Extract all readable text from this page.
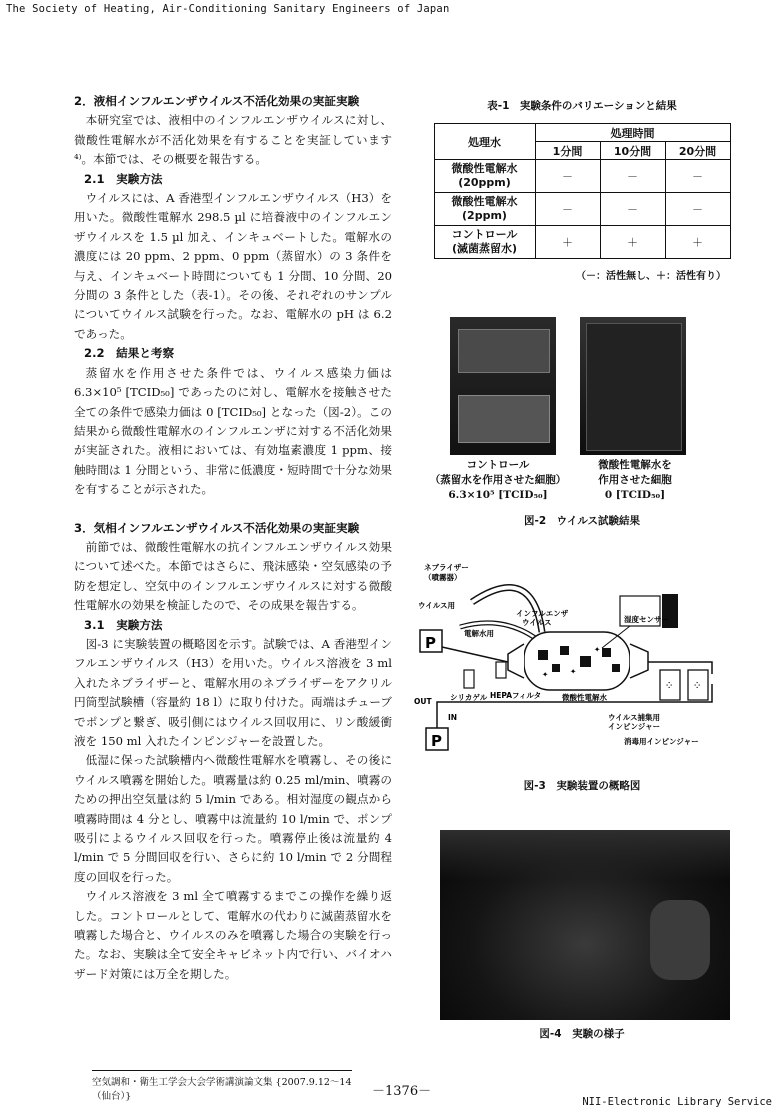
The Society of Heating, Air-Conditioning Sanitary Engineers of Japan
NII-Electronic Library Service
空気調和・衛生工学会大会学術講演論文集 {2007.9.12～14（仙台）}	－1376－
2．液相インフルエンザウイルス不活化効果の実証実験

本研究室では、液相中のインフルエンザウイルスに対し、微酸性電解水が不活化効果を有することを実証しています⁴⁾。本節では、その概要を報告する。

2.1　実験方法

ウイルスには、A 香港型インフルエンザウイルス（H3）を用いた。微酸性電解水 298.5 µl に培養液中のインフルエンザウイルスを 1.5 µl 加え、インキュベートした。電解水の濃度には 20 ppm、2 ppm、0 ppm（蒸留水）の 3 条件を与え、インキュベート時間についても 1 分間、10 分間、20 分間の 3 条件とした（表-1）。その後、それぞれのサンプルについてウイルス試験を行った。なお、電解水の pH は 6.2 であった。

2.2　結果と考察

蒸留水を作用させた条件では、ウイルス感染力価は 6.3×10⁵ [TCID₅₀] であったのに対し、電解水を接触させた全ての条件で感染力価は 0 [TCID₅₀] となった（図-2）。この結果から微酸性電解水のインフルエンザに対する不活化効果が実証された。液相においては、有効塩素濃度 1 ppm、接触時間は 1 分間という、非常に低濃度・短時間で十分な効果を有することが示された。

3．気相インフルエンザウイルス不活化効果の実証実験

前節では、微酸性電解水の抗インフルエンザウイルス効果について述べた。本節ではさらに、飛沫感染・空気感染の予防を想定し、空気中のインフルエンザウイルスに対する微酸性電解水の効果を検証したので、その成果を報告する。

3.1　実験方法

図-3 に実験装置の概略図を示す。試験では、A 香港型インフルエンザウイルス（H3）を用いた。ウイルス溶液を 3 ml 入れたネブライザーと、電解水用のネブライザーをアクリル円筒型試験槽（容量約 18 l）に取り付けた。両端はチューブでポンプと繋ぎ、吸引側にはウイルス回収用に、リン酸緩衝液を 150 ml 入れたインピンジャーを設置した。

低湿に保った試験槽内へ微酸性電解水を噴霧し、その後にウイルス噴霧を開始した。噴霧量は約 0.25 ml/min、噴霧のための押出空気量は約 5 l/min である。相対湿度の観点から噴霧時間は 4 分とし、噴霧中は流量約 10 l/min で、ポンプ吸引によるウイルス回収を行った。噴霧停止後は流量約 4 l/min で 5 分間回収を行い、さらに約 10 l/min で 2 分間程度の回収を行った。

ウイルス溶液を 3 ml 全て噴霧するまでこの操作を繰り返した。コントロールとして、電解水の代わりに滅菌蒸留水を噴霧した場合と、ウイルスのみを噴霧した場合の実験を行った。なお、実験は全て安全キャビネット内で行い、バイオハザード対策には万全を期した。

表-1　実験条件のバリエーションと結果
処理水	処理時間		
	1分間	10分間	20分間

微酸性電解水
(20ppm)	－	－	－

微酸性電解水
(2ppm)	－	－	－

コントロール
(滅菌蒸留水)	＋	＋	＋
（－：活性無し、＋：活性有り）
コントロール
（蒸留水を作用させた細胞）
6.3×10⁵ [TCID₅₀]
微酸性電解水を
作用させた細胞
0 [TCID₅₀]
図-2　ウイルス試験結果
✦
✦
✦
P
P
⁘	⁘
ネブライザー
（噴霧器）
ウイルス用
電解水用
インフルエンザ
ウイルス	湿度センサー
シリカゲル HEPAフィルタ	微酸性電解水
OUT
IN	ウイルス捕集用
インピンジャー
消毒用インピンジャー
図-3　実験装置の概略図
図-4　実験の様子
